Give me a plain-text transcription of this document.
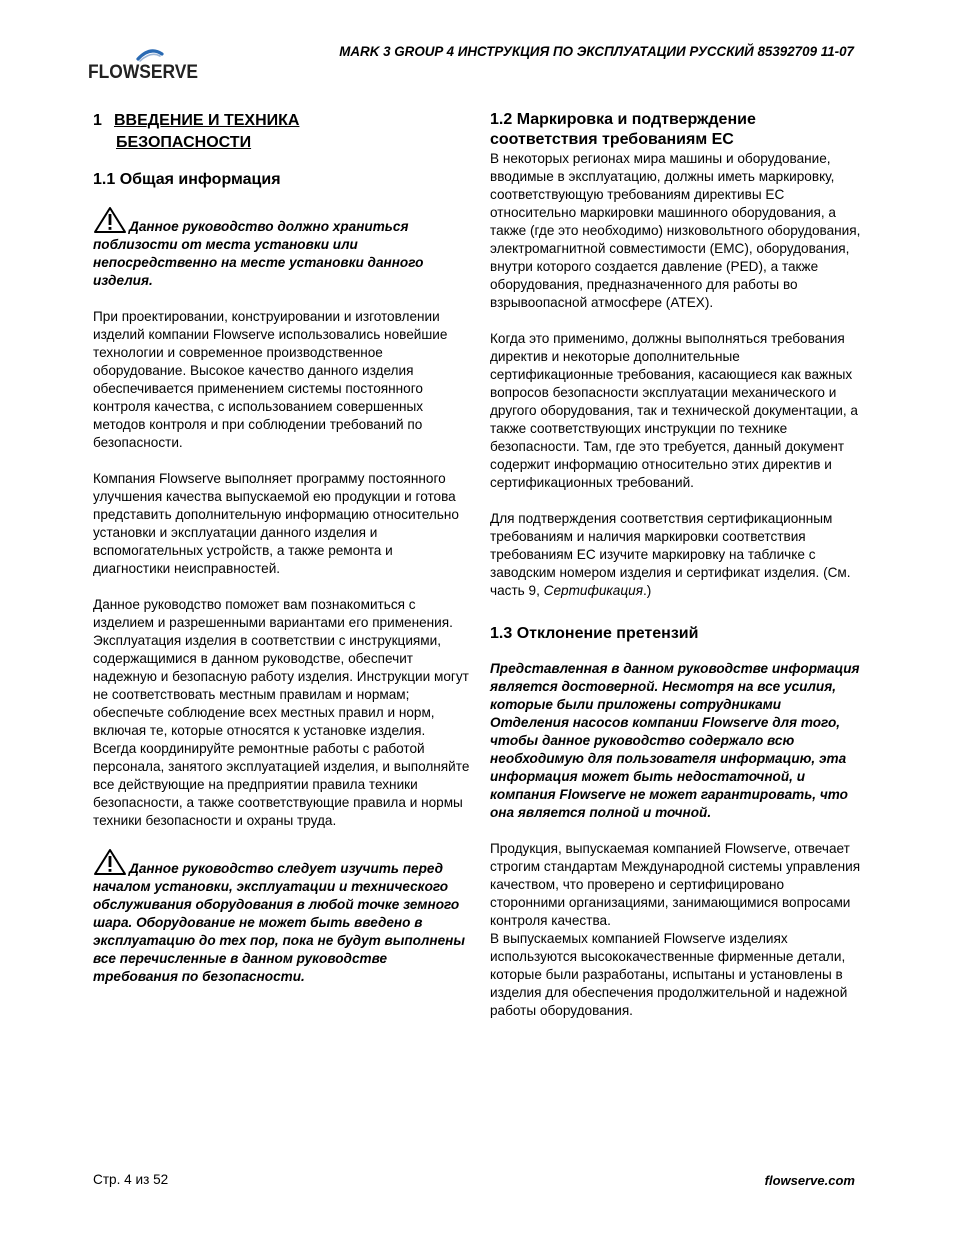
FLOWSERVE
MARK 3 GROUP 4 ИНСТРУКЦИЯ ПО ЭКСПЛУАТАЦИИ РУССКИЙ 85392709 11-07
1 ВВЕДЕНИЕ И ТЕХНИКА
БЕЗОПАСНОСТИ
1.1 Общая информация

Данное руководство должно храниться поблизости от места установки или непосредственно на месте установки данного изделия.

При проектировании, конструировании и изготовлении изделий компании Flowserve использовались новейшие технологии и современное производственное оборудование. Высокое качество данного изделия обеспечивается применением системы постоянного контроля качества, с использованием совершенных методов контроля и при соблюдении требований по безопасности.

Компания Flowserve выполняет программу постоянного улучшения качества выпускаемой ею продукции и готова представить дополнительную информацию относительно установки и эксплуатации данного изделия и вспомогательных устройств, а также ремонта и диагностики неисправностей.

Данное руководство поможет вам познакомиться с изделием и разрешенными вариантами его применения. Эксплуатация изделия в соответствии с инструкциями, содержащимися в данном руководстве, обеспечит надежную и безопасную работу изделия. Инструкции могут не соответствовать местным правилам и нормам; обеспечьте соблюдение всех местных правил и норм, включая те, которые относятся к установке изделия. Всегда координируйте ремонтные работы с работой персонала, занятого эксплуатацией изделия, и выполняйте все действующие на предприятии правила техники безопасности, а также соответствующие правила и нормы техники безопасности и охраны труда.

Данное руководство следует изучить перед началом установки, эксплуатации и технического обслуживания оборудования в любой точке земного шара. Оборудование не может быть введено в эксплуатацию до тех пор, пока не будут выполнены все перечисленные в данном руководстве требования по безопасности.

1.2 Маркировка и подтверждение соответствия требованиям ЕС

В некоторых регионах мира машины и оборудование, вводимые в эксплуатацию, должны иметь маркировку, соответствующую требованиям директивы ЕС относительно маркировки машинного оборудования, а также (где это необходимо) низковольтного оборудования, электромагнитной совместимости (EMC), оборудования, внутри которого создается давление (PED), а также оборудования, предназначенного для работы во взрывоопасной атмосфере (ATEX).

Когда это применимо, должны выполняться требования директив и некоторые дополнительные сертификационные требования, касающиеся как важных вопросов безопасности эксплуатации механического и другого оборудования, так и технической документации, а также соответствующих инструкции по технике безопасности. Там, где это требуется, данный документ содержит информацию относительно этих директив и сертификационных требований.

Для подтверждения соответствия сертификационным требованиям и наличия маркировки соответствия требованиям ЕС изучите маркировку на табличке с заводским номером изделия и сертификат изделия. (См. часть 9, Сертификация.)

1.3 Отклонение претензий

Представленная в данном руководстве информация является достоверной. Несмотря на все усилия, которые были приложены сотрудниками Отделения насосов компании Flowserve для того, чтобы данное руководство содержало всю необходимую для пользователя информацию, эта информация может быть недостаточной, и компания Flowserve не может гарантировать, что она является полной и точной.

Продукция, выпускаемая компанией Flowserve, отвечает строгим стандартам Международной системы управления качеством, что проверено и сертифицировано сторонними организациями, занимающимися вопросами контроля качества.

В выпускаемых компанией Flowserve изделиях используются высококачественные фирменные детали, которые были разработаны, испытаны и установлены в изделия для обеспечения продолжительной и надежной работы оборудования.

Стр. 4 из 52	flowserve.com
